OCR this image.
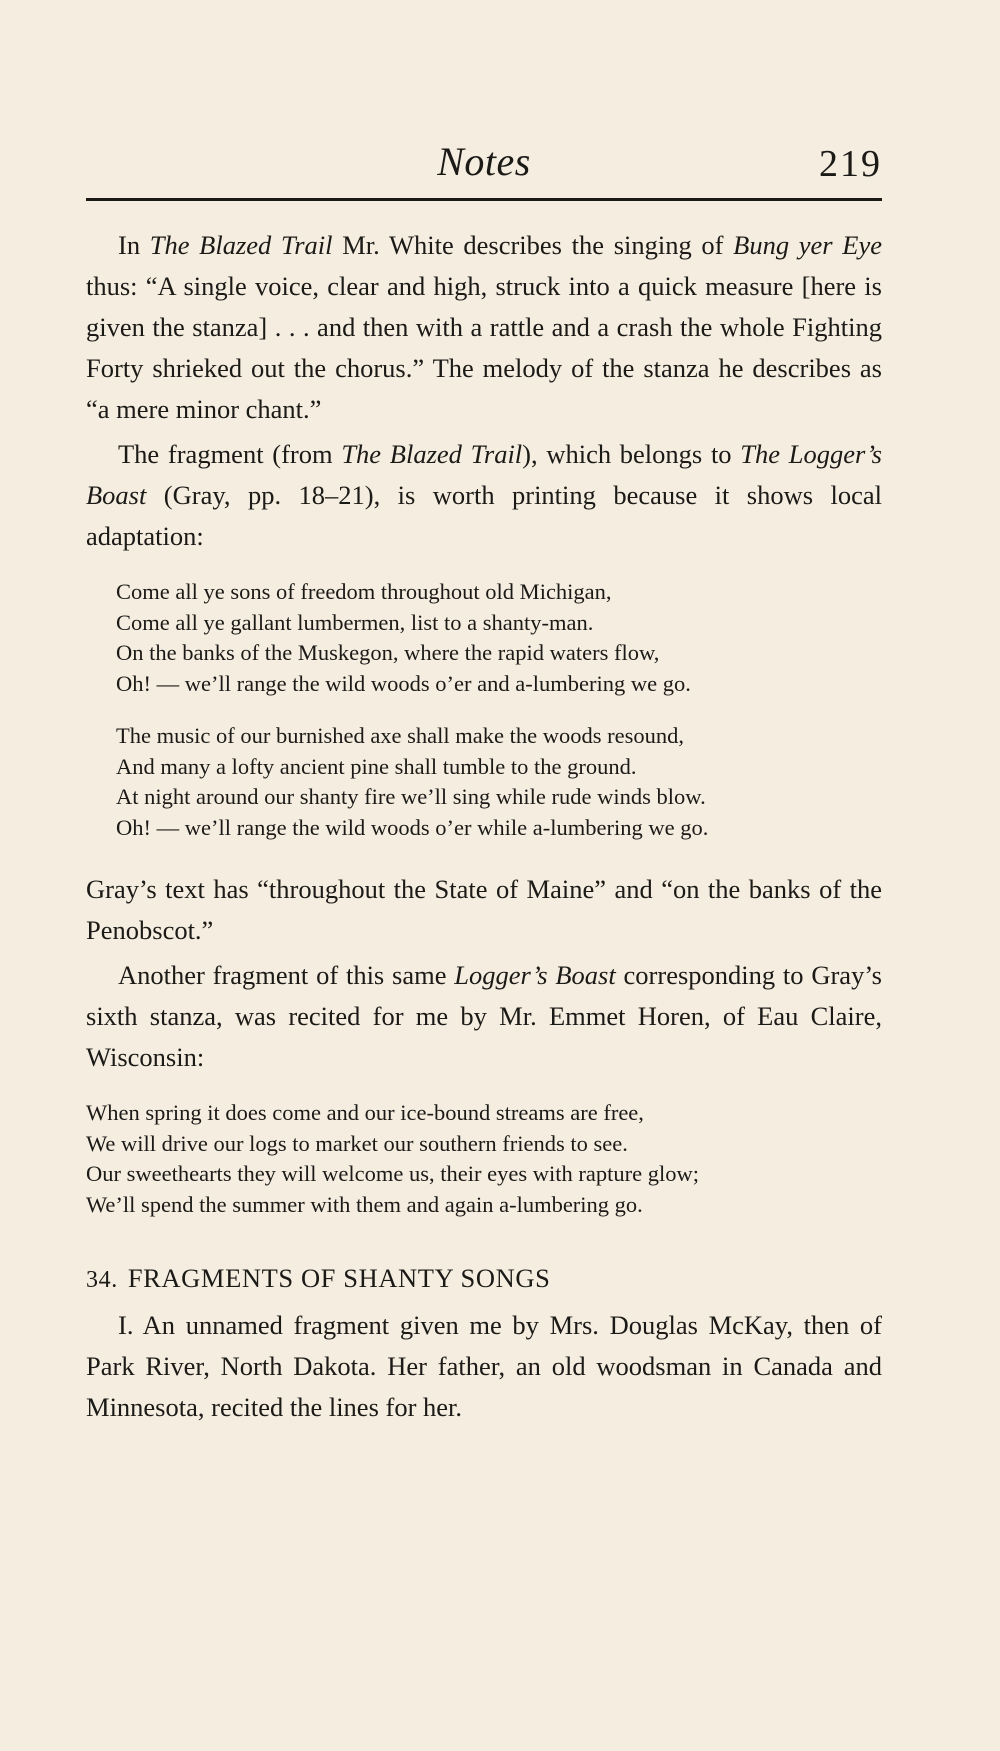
Notes	219

In The Blazed Trail Mr. White describes the singing of Bung yer Eye thus: “A single voice, clear and high, struck into a quick measure [here is given the stanza] . . . and then with a rattle and a crash the whole Fighting Forty shrieked out the chorus.” The melody of the stanza he describes as “a mere minor chant.”

The fragment (from The Blazed Trail), which belongs to The Logger’s Boast (Gray, pp. 18–21), is worth printing because it shows local adaptation:

Come all ye sons of freedom throughout old Michigan,
Come all ye gallant lumbermen, list to a shanty-man.
On the banks of the Muskegon, where the rapid waters flow,
Oh! — we’ll range the wild woods o’er and a-lumbering we go.
The music of our burnished axe shall make the woods resound,
And many a lofty ancient pine shall tumble to the ground.
At night around our shanty fire we’ll sing while rude winds blow.
Oh! — we’ll range the wild woods o’er while a-lumbering we go.

Gray’s text has “throughout the State of Maine” and “on the banks of the Penobscot.”

Another fragment of this same Logger’s Boast corresponding to Gray’s sixth stanza, was recited for me by Mr. Emmet Horen, of Eau Claire, Wisconsin:

When spring it does come and our ice-bound streams are free,
We will drive our logs to market our southern friends to see.
Our sweethearts they will welcome us, their eyes with rapture glow;
We’ll spend the summer with them and again a-lumbering go.

34. FRAGMENTS OF SHANTY SONGS

I. An unnamed fragment given me by Mrs. Douglas McKay, then of Park River, North Dakota. Her father, an old woodsman in Canada and Minnesota, recited the lines for her.
